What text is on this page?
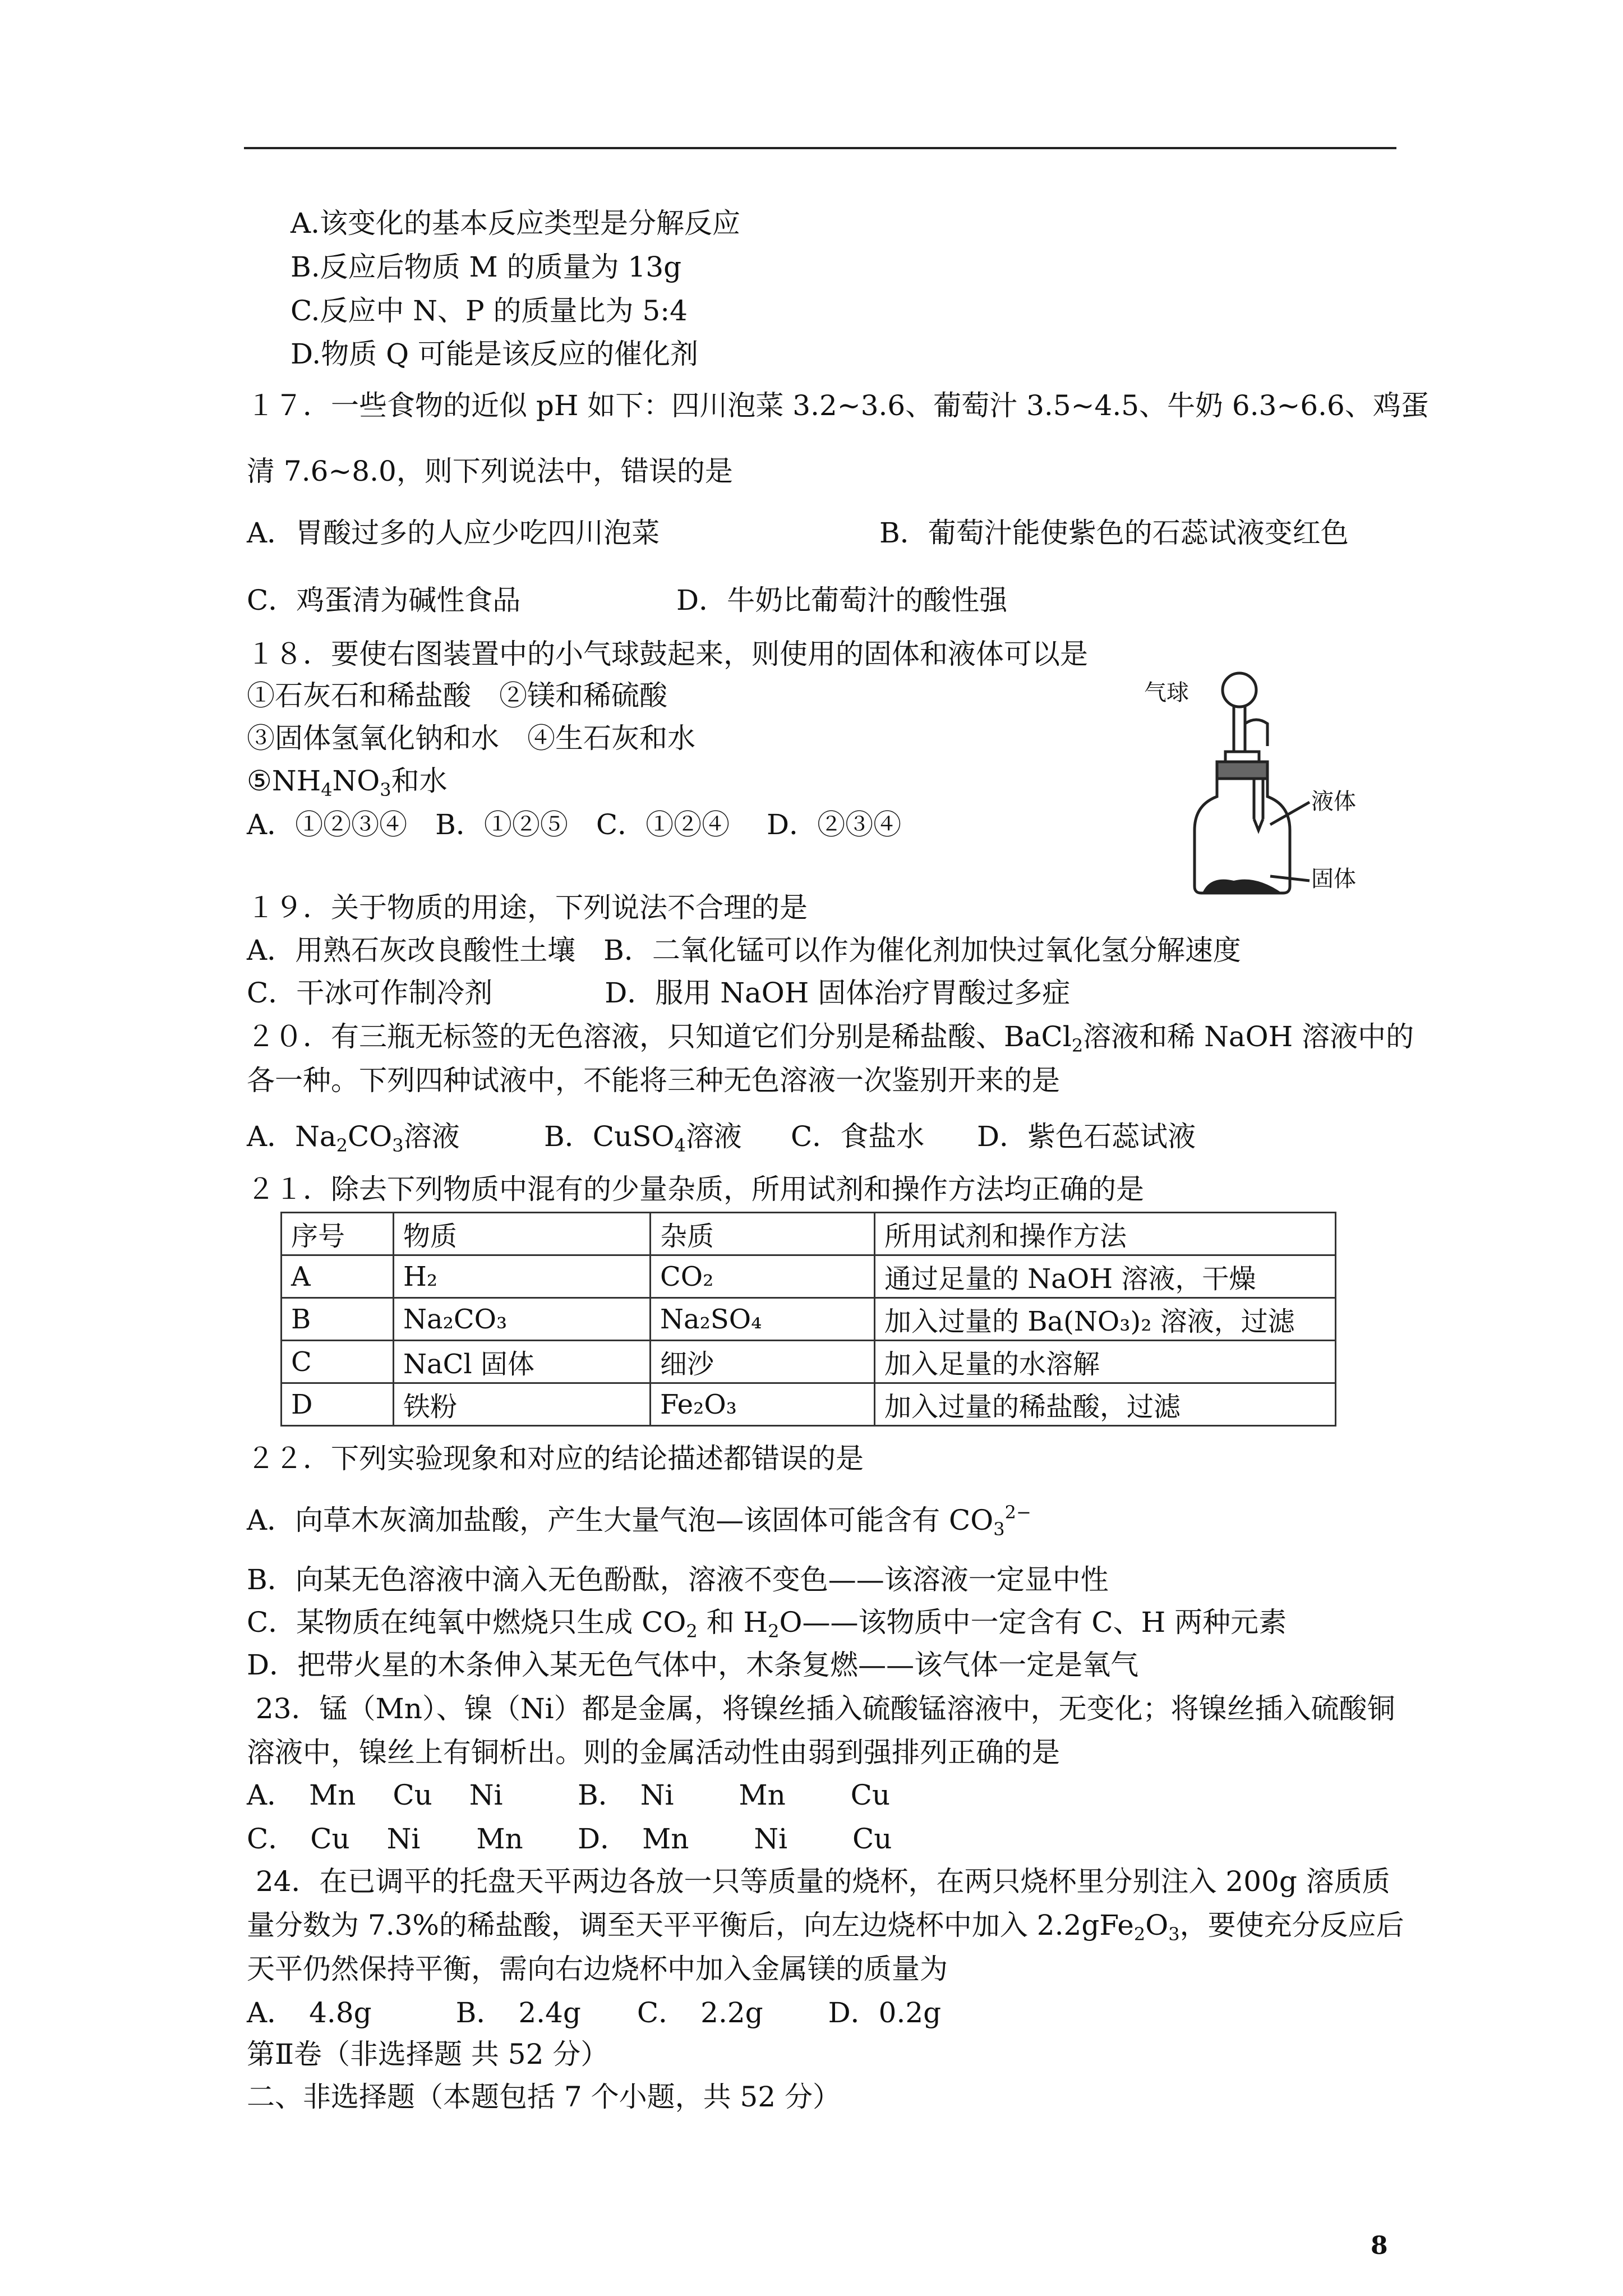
A.该变化的基本反应类型是分解反应
B.反应后物质 M 的质量为 13g
C.反应中 N、P 的质量比为 5:4
D.物质 Q 可能是该反应的催化剂
１７．一些食物的近似 pH 如下：四川泡菜 3.2~3.6、葡萄汁 3.5~4.5、牛奶 6.3~6.6、鸡蛋
清 7.6~8.0，则下列说法中，错误的是
A．胃酸过多的人应少吃四川泡菜	B．葡萄汁能使紫色的石蕊试液变红色
C．鸡蛋清为碱性食品	D．牛奶比葡萄汁的酸性强
１８．要使右图装置中的小气球鼓起来，则使用的固体和液体可以是
①石灰石和稀盐酸　②镁和稀硫酸
③固体氢氧化钠和水　④生石灰和水
$⑤NH_4NO_3$和水
A．①②③④　B．①②⑤　C．①②④　 D．②③④
气球
液体
固体
１９．关于物质的用途，下列说法不合理的是
A．用熟石灰改良酸性土壤　B．二氧化锰可以作为催化剂加快过氧化氢分解速度
C．干冰可作制冷剂　　　　D．服用 NaOH 固体治疗胃酸过多症
２０．有三瓶无标签的无色溶液，只知道它们分别是稀盐酸、BaCl$_2$溶液和稀 NaOH 溶液中的
各一种。下列四种试液中，不能将三种无色溶液一次鉴别开来的是
A．$Na_2CO_3$溶液	B．CuSO$_4$溶液 C．食盐水 D．紫色石蕊试液
２１．除去下列物质中混有的少量杂质，所用试剂和操作方法均正确的是
序号	物质	杂质	所用试剂和操作方法
A	H₂	CO₂	通过足量的 NaOH 溶液，干燥
B	Na₂CO₃	Na₂SO₄	加入过量的 Ba(NO₃)₂ 溶液，过滤
C	NaCl 固体	细沙	加入足量的水溶解
D	铁粉	Fe₂O₃	加入过量的稀盐酸，过滤
２２．下列实验现象和对应的结论描述都错误的是
A．向草木灰滴加盐酸，产生大量气泡—该固体可能含有 $CO_3^{2-}$
B．向某无色溶液中滴入无色酚酞，溶液不变色——该溶液一定显中性
C．某物质在纯氧中燃烧只生成 $CO_2$ 和 $H_2O——$该物质中一定含有 C、H 两种元素
D．把带火星的木条伸入某无色气体中，木条复燃——该气体一定是氧气
23．锰（Mn）、镍（Ni）都是金属，将镍丝插入硫酸锰溶液中，无变化；将镍丝插入硫酸铜
溶液中，镍丝上有铜析出。则的金属活动性由弱到强排列正确的是
A．　Mn　 Cu　 Ni	B．　Ni　　 Mn　　 Cu
C．　Cu　 Ni　　Mn D．　Mn　　 Ni　　 Cu
24．在已调平的托盘天平两边各放一只等质量的烧杯，在两只烧杯里分别注入 200g 溶质质
量分数为 7.3%的稀盐酸，调至天平平衡后，向左边烧杯中加入 $2.2gFe_2O_3$，要使充分反应后
天平仍然保持平衡，需向右边烧杯中加入金属镁的质量为
A．　4.8g　　　B．　2.4g　　C．　2.2g　　 D．0.2g
第Ⅱ卷（非选择题 共 52 分）
二、非选择题（本题包括 7 个小题，共 52 分）
8
